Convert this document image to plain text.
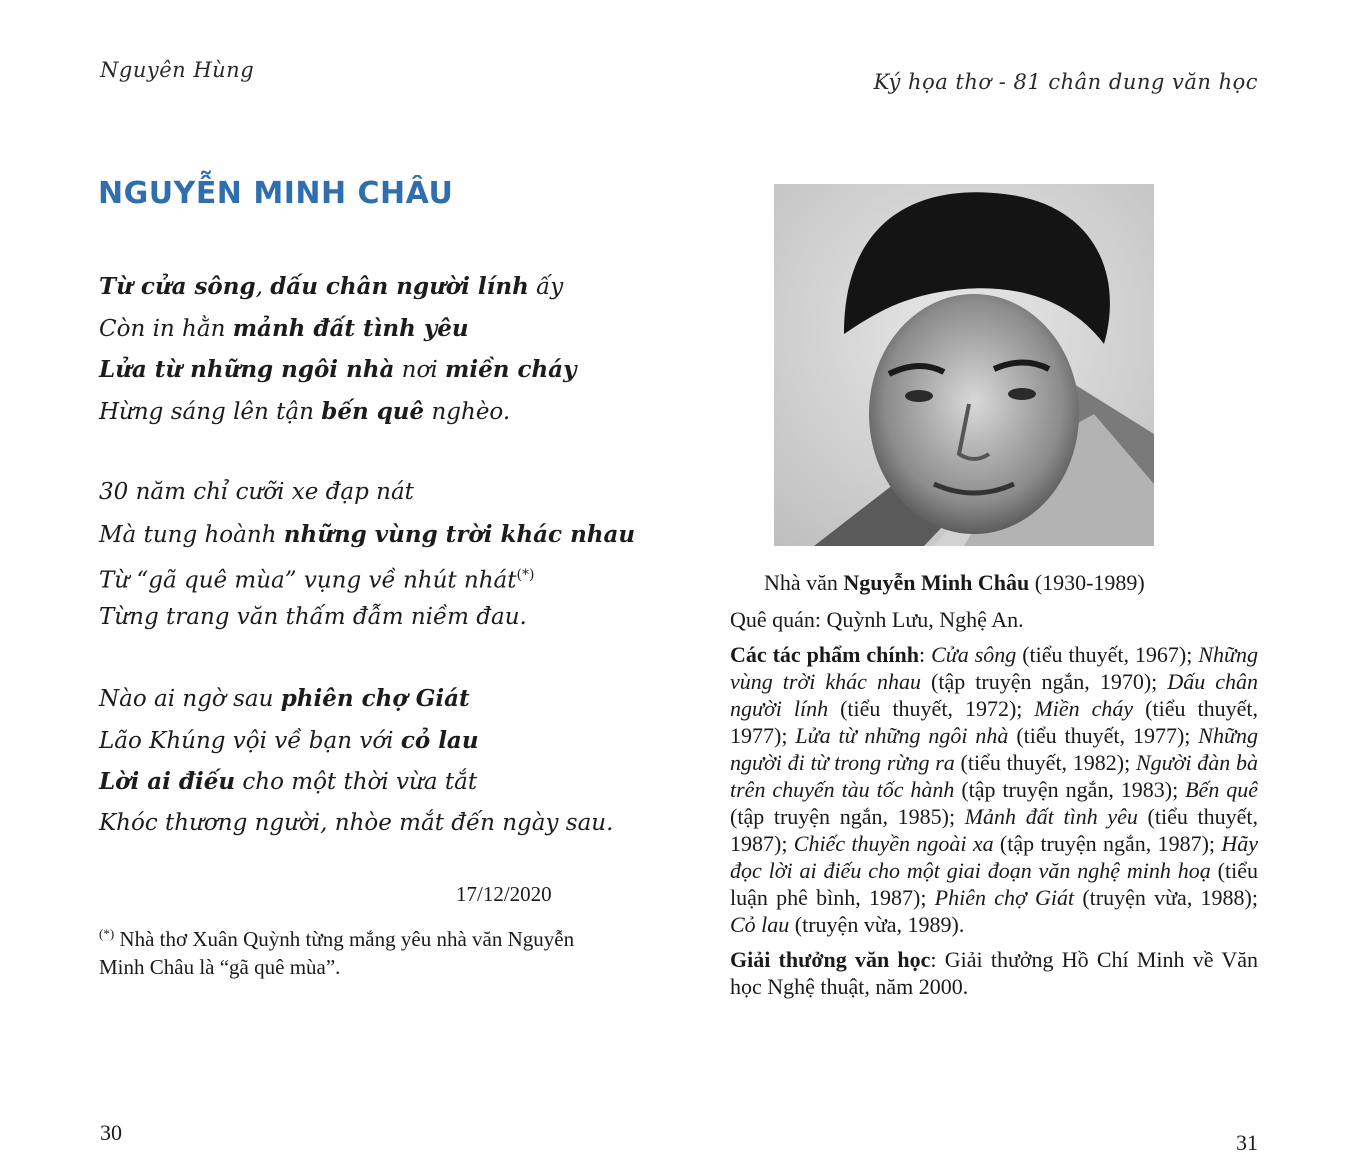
Nguyên Hùng	Ký họa thơ - 81 chân dung văn học
NGUYỄN MINH CHÂU
Từ cửa sông, dấu chân người lính ấy
Còn in hằn mảnh đất tình yêu
Lửa từ những ngôi nhà nơi miền cháy
Hừng sáng lên tận bến quê nghèo.
30 năm chỉ cưỡi xe đạp nát
Mà tung hoành những vùng trời khác nhau
Từ “gã quê mùa” vụng về nhút nhát(*)
Từng trang văn thấm đẫm niềm đau.
Nào ai ngờ sau phiên chợ Giát
Lão Khúng vội về bạn với cỏ lau
Lời ai điếu cho một thời vừa tắt
Khóc thương người, nhòe mắt đến ngày sau.
17/12/2020
(*) Nhà thơ Xuân Quỳnh từng mắng yêu nhà văn Nguyễn Minh Châu là “gã quê mùa”.
Nhà văn Nguyễn Minh Châu (1930-1989)

Quê quán: Quỳnh Lưu, Nghệ An.

Các tác phẩm chính: Cửa sông (tiểu thuyết, 1967); Những vùng trời khác nhau (tập truyện ngắn, 1970); Dấu chân người lính (tiểu thuyết, 1972); Miền cháy (tiểu thuyết, 1977); Lửa từ những ngôi nhà (tiểu thuyết, 1977); Những người đi từ trong rừng ra (tiểu thuyết, 1982); Người đàn bà trên chuyến tàu tốc hành (tập truyện ngắn, 1983); Bến quê (tập truyện ngắn, 1985); Mảnh đất tình yêu (tiểu thuyết, 1987); Chiếc thuyền ngoài xa (tập truyện ngắn, 1987); Hãy đọc lời ai điếu cho một giai đoạn văn nghệ minh hoạ (tiểu luận phê bình, 1987); Phiên chợ Giát (truyện vừa, 1988); Cỏ lau (truyện vừa, 1989).

Giải thưởng văn học: Giải thưởng Hồ Chí Minh về Văn học Nghệ thuật, năm 2000.

30	31
